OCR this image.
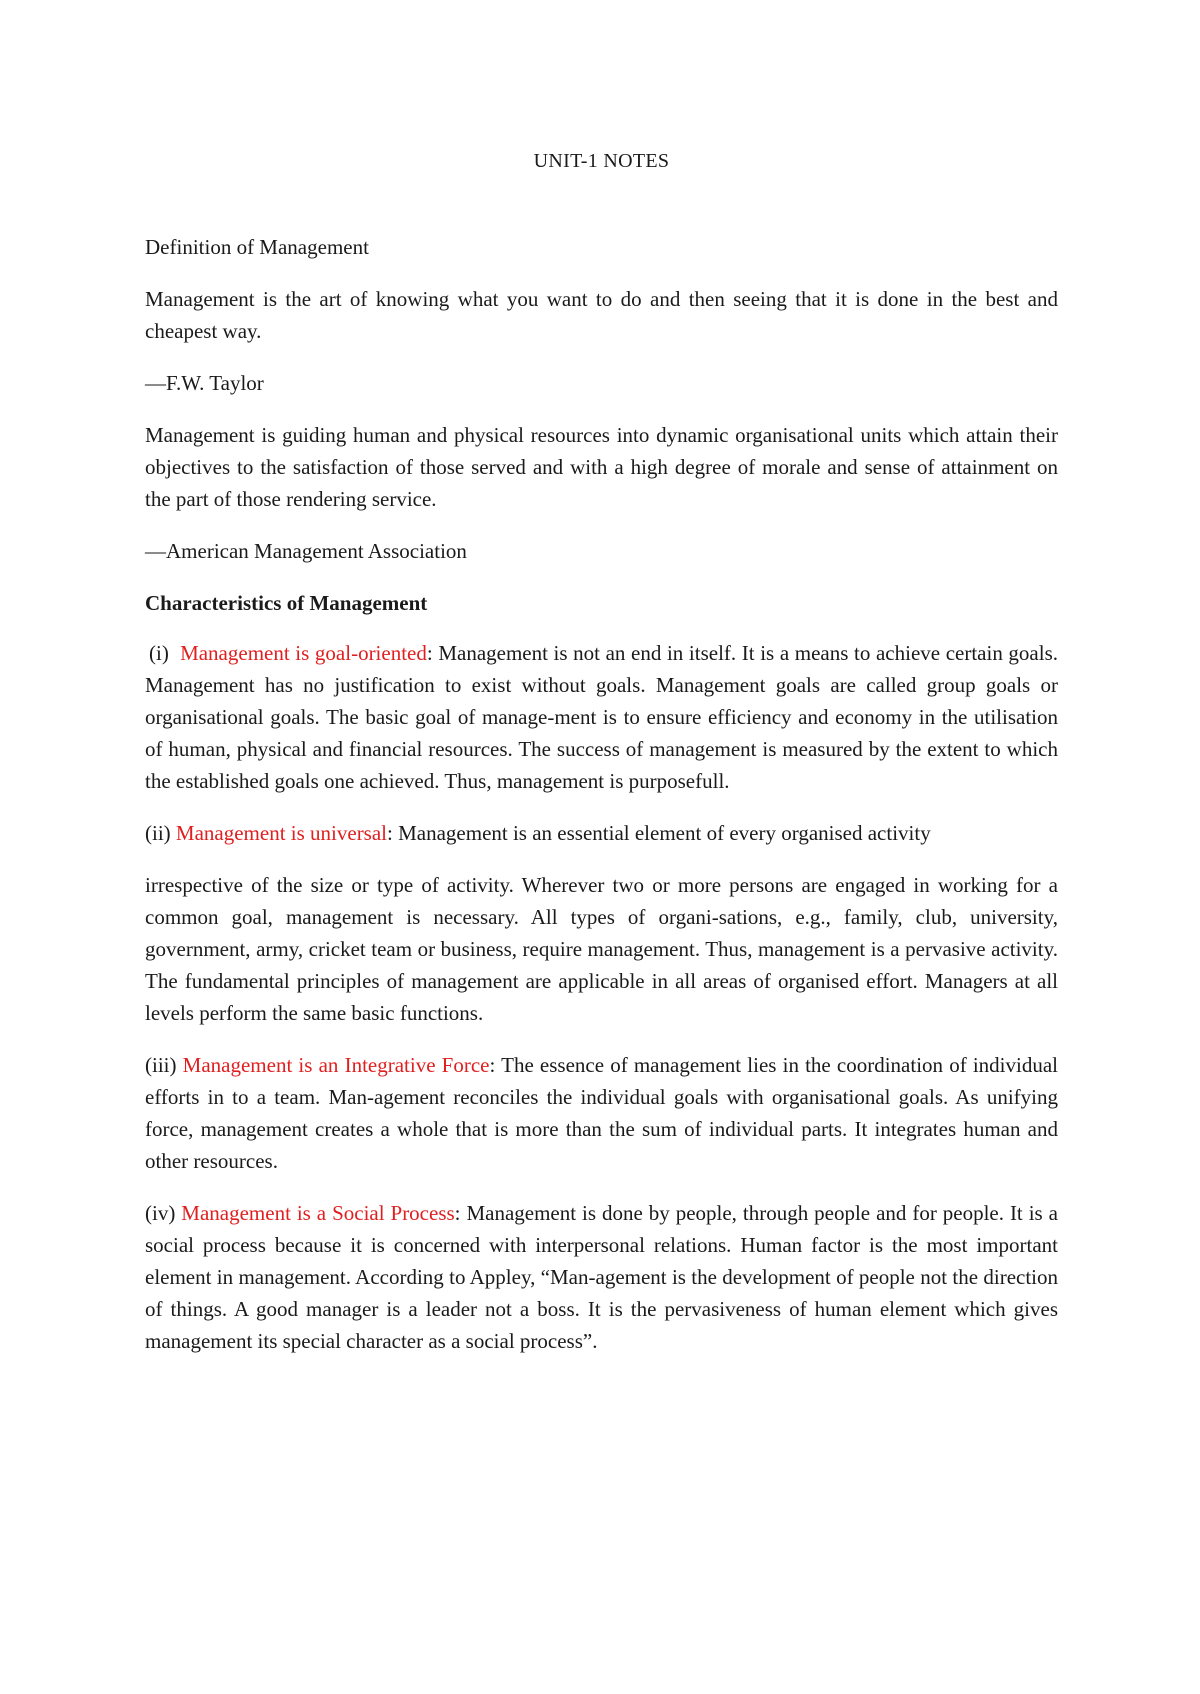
UNIT-1 NOTES

Definition of Management

Management is the art of knowing what you want to do and then seeing that it is done in the best and cheapest way.

—F.W. Taylor

Management is guiding human and physical resources into dynamic organisational units which attain their objectives to the satisfaction of those served and with a high degree of morale and sense of attainment on the part of those rendering service.

—American Management Association

Characteristics of Management

(i) Management is goal-oriented: Management is not an end in itself. It is a means to achieve certain goals. Management has no justification to exist without goals. Management goals are called group goals or organisational goals. The basic goal of manage-ment is to ensure efficiency and economy in the utilisation of human, physical and financial resources. The success of management is measured by the extent to which the established goals one achieved. Thus, management is purposefull.

(ii) Management is universal: Management is an essential element of every organised activity

irrespective of the size or type of activity. Wherever two or more persons are engaged in working for a common goal, management is necessary. All types of organi-sations, e.g., family, club, university, government, army, cricket team or business, require management. Thus, management is a pervasive activity. The fundamental principles of management are applicable in all areas of organised effort. Managers at all levels perform the same basic functions.

(iii) Management is an Integrative Force: The essence of management lies in the coordination of individual efforts in to a team. Man-agement reconciles the individual goals with organisational goals. As unifying force, management creates a whole that is more than the sum of individual parts. It integrates human and other resources.

(iv) Management is a Social Process: Management is done by people, through people and for people. It is a social process because it is concerned with interpersonal relations. Human factor is the most important element in management. According to Appley, “Man-agement is the development of people not the direction of things. A good manager is a leader not a boss. It is the pervasiveness of human element which gives management its special character as a social process”.
